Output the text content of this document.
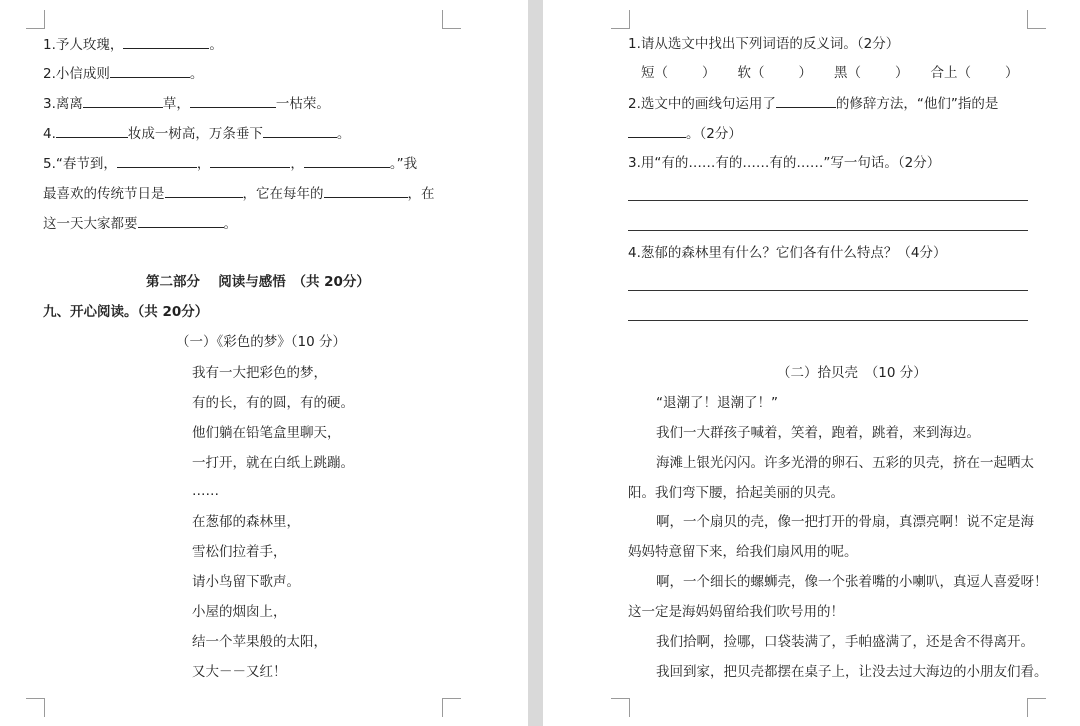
1.予人玫瑰，	。
2.小信成则	。
3.离离	草，	一枯荣。
4.	妆成一树高，万条垂下	。
5.“春节到，	，	，	。”我
最喜欢的传统节日是	，它在每年的	，在
这一天大家都要	。
第二部分　 阅读与感悟　（共 20分）
九、开心阅读。（共 20分）
（一）《彩色的梦》（10 分）
我有一大把彩色的梦，
有的长，有的圆，有的硬。
他们躺在铅笔盒里聊天，
一打开，就在白纸上跳蹦。
……
在葱郁的森林里，
雪松们拉着手，
请小鸟留下歌声。
小屋的烟囱上，
结一个苹果般的太阳，
又大－－又红！
1.请从选文中找出下列词语的反义词。（2分）
短（	） 软（	） 黑（	） 合上（	）
2.选文中的画线句运用了	的修辞方法，“他们”指的是
。（2分）
3.用“有的……有的……有的……”写一句话。（2分）
4.葱郁的森林里有什么？它们各有什么特点？（4分）
（二）拾贝壳　（10 分）
“退潮了！退潮了！”
我们一大群孩子喊着，笑着，跑着，跳着，来到海边。
海滩上银光闪闪。许多光滑的卵石、五彩的贝壳，挤在一起晒太
阳。我们弯下腰，拾起美丽的贝壳。
啊，一个扇贝的壳，像一把打开的骨扇，真漂亮啊！说不定是海
妈妈特意留下来，给我们扇风用的呢。
啊，一个细长的螺蛳壳，像一个张着嘴的小喇叭，真逗人喜爱呀！
这一定是海妈妈留给我们吹号用的！
我们拾啊，捡哪，口袋装满了，手帕盛满了，还是舍不得离开。
我回到家，把贝壳都摆在桌子上，让没去过大海边的小朋友们看。
